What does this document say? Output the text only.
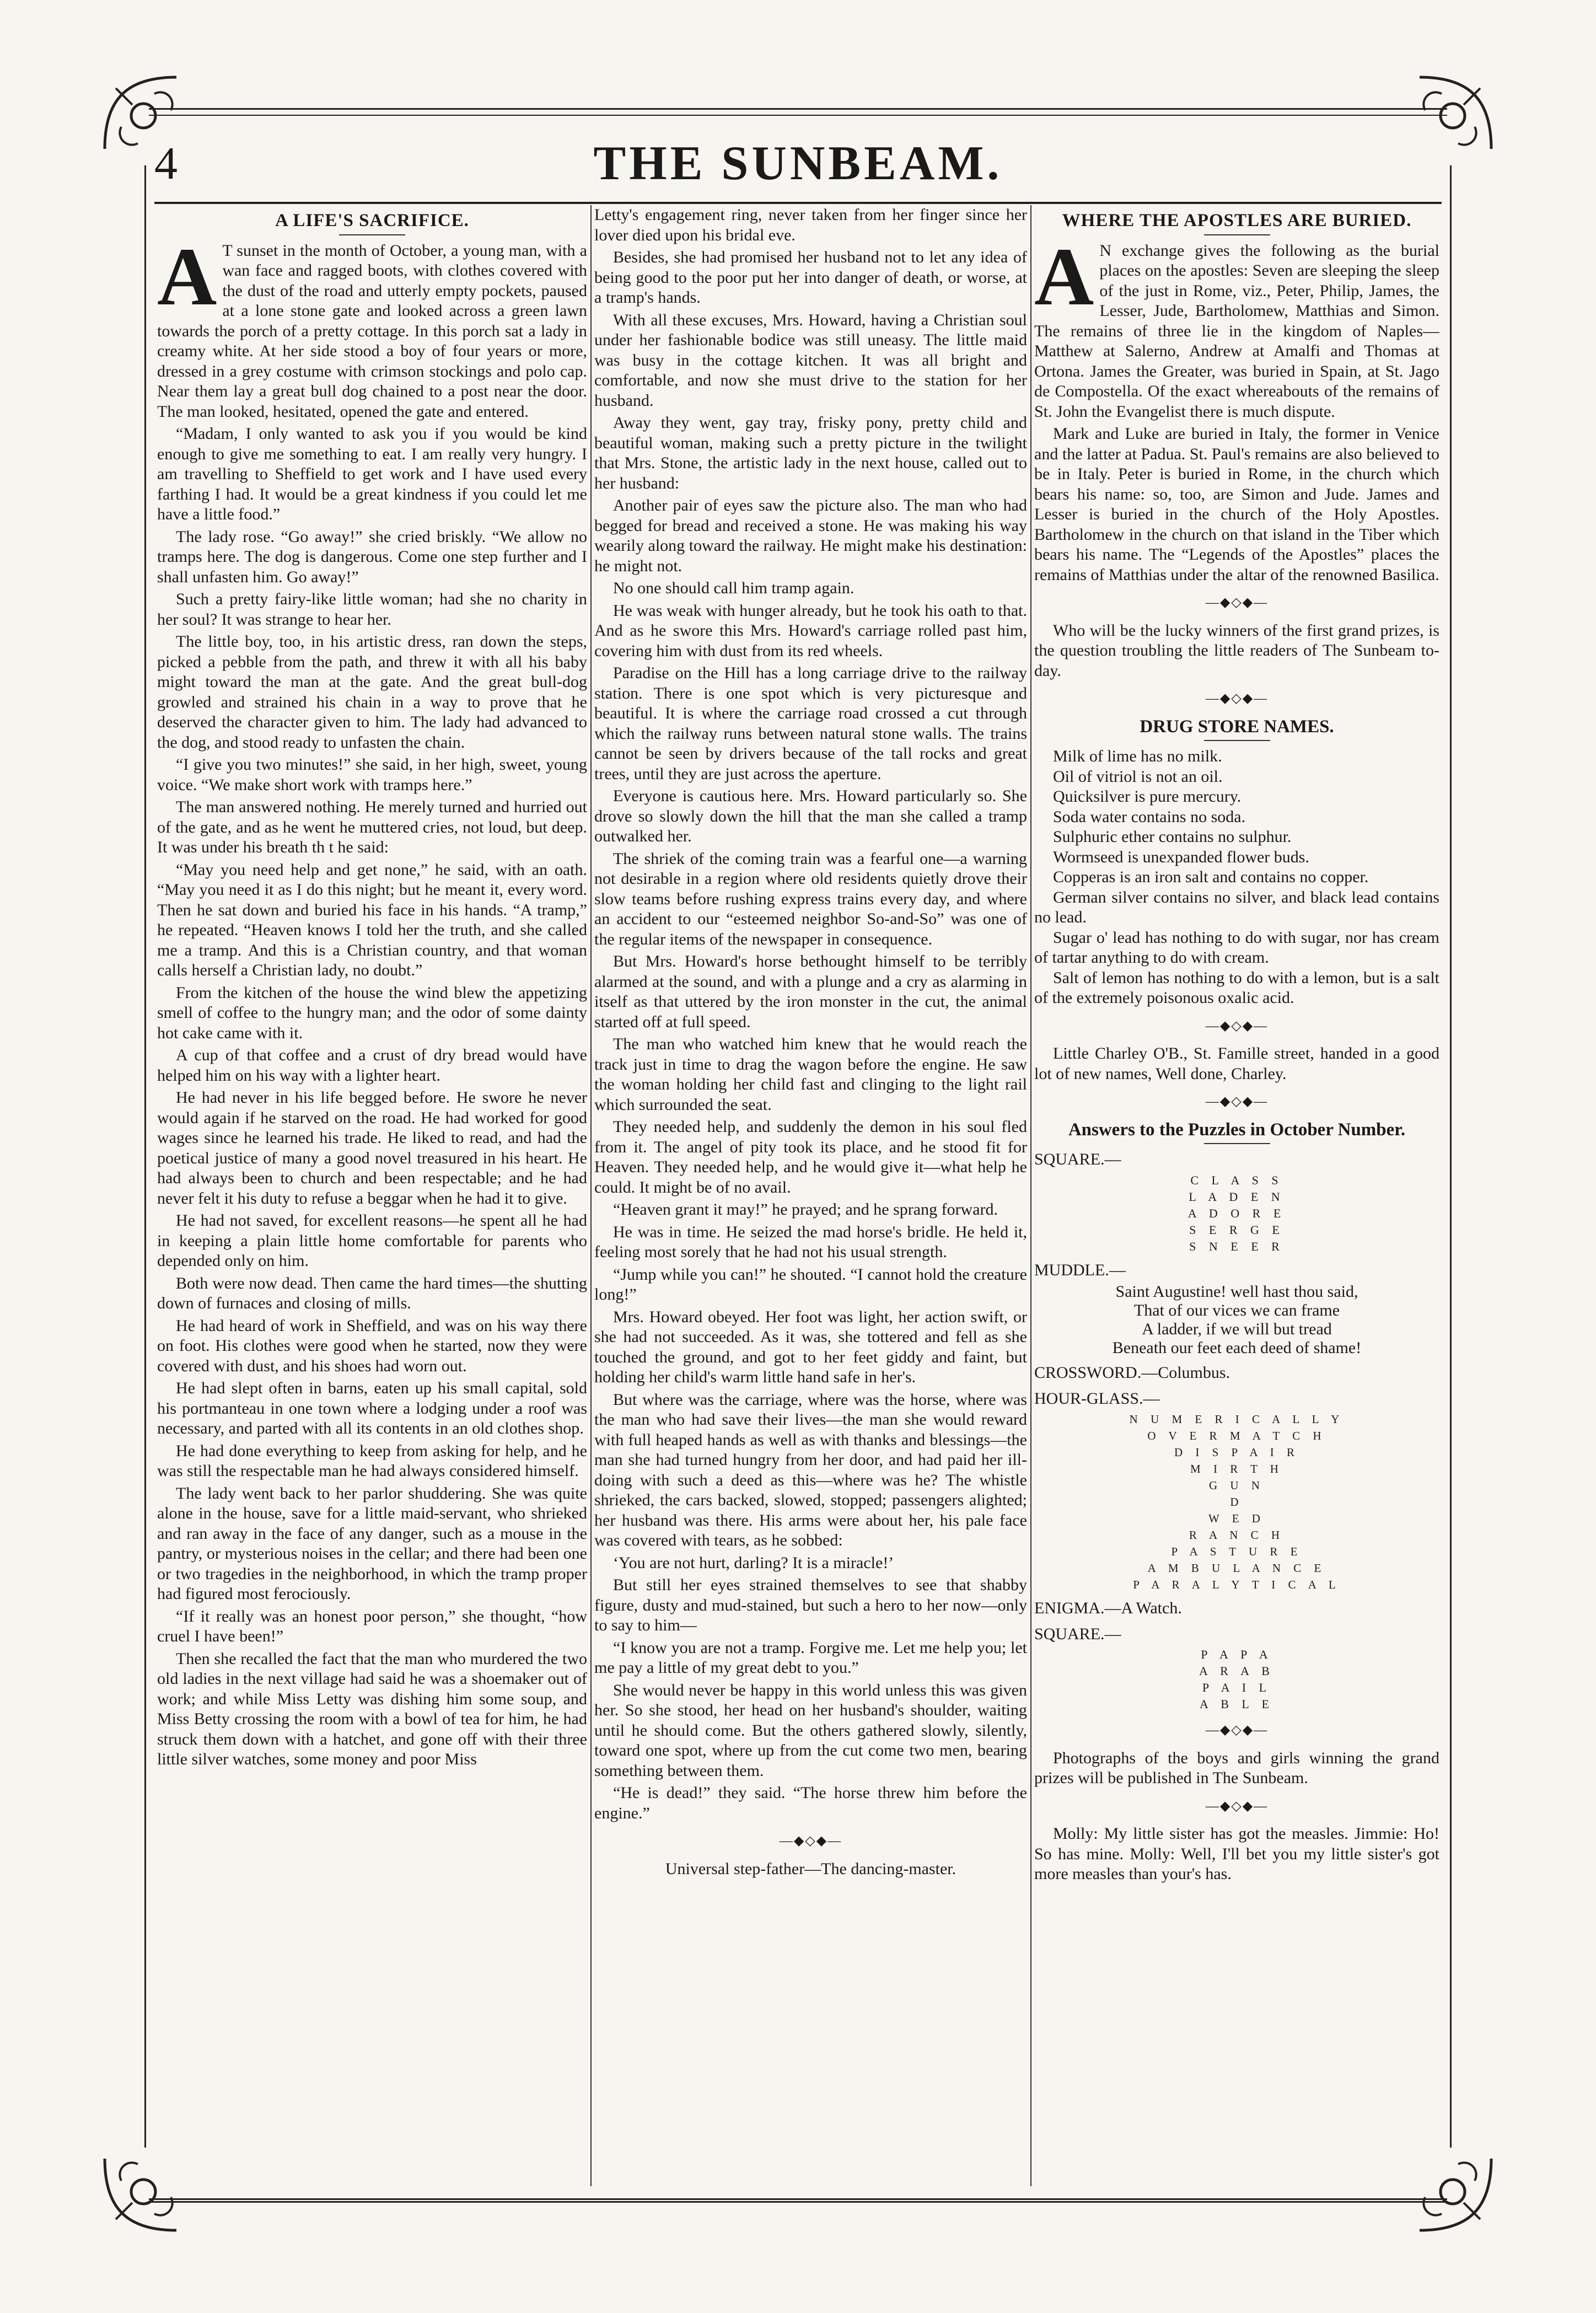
4	THE SUNBEAM.
A LIFE'S SACRIFICE.

A T sunset in the month of October, a young man, with a wan face and ragged boots, with clothes covered with the dust of the road and utterly empty pockets, paused at a lone stone gate and looked across a green lawn towards the porch of a pretty cottage. In this porch sat a lady in creamy white. At her side stood a boy of four years or more, dressed in a grey costume with crimson stockings and polo cap. Near them lay a great bull dog chained to a post near the door. The man looked, hesitated, opened the gate and entered.

“Madam, I only wanted to ask you if you would be kind enough to give me something to eat. I am really very hungry. I am travelling to Sheffield to get work and I have used every farthing I had. It would be a great kindness if you could let me have a little food.”

The lady rose. “Go away!” she cried briskly. “We allow no tramps here. The dog is dangerous. Come one step further and I shall unfasten him. Go away!”

Such a pretty fairy-like little woman; had she no charity in her soul? It was strange to hear her.

The little boy, too, in his artistic dress, ran down the steps, picked a pebble from the path, and threw it with all his baby might toward the man at the gate. And the great bull-dog growled and strained his chain in a way to prove that he deserved the character given to him. The lady had advanced to the dog, and stood ready to unfasten the chain.

“I give you two minutes!” she said, in her high, sweet, young voice. “We make short work with tramps here.”

The man answered nothing. He merely turned and hurried out of the gate, and as he went he muttered cries, not loud, but deep. It was under his breath th t he said:

“May you need help and get none,” he said, with an oath. “May you need it as I do this night; but he meant it, every word. Then he sat down and buried his face in his hands. “A tramp,” he repeated. “Heaven knows I told her the truth, and she called me a tramp. And this is a Christian country, and that woman calls herself a Christian lady, no doubt.”

From the kitchen of the house the wind blew the appetizing smell of coffee to the hungry man; and the odor of some dainty hot cake came with it.

A cup of that coffee and a crust of dry bread would have helped him on his way with a lighter heart.

He had never in his life begged before. He swore he never would again if he starved on the road. He had worked for good wages since he learned his trade. He liked to read, and had the poetical justice of many a good novel treasured in his heart. He had always been to church and been respectable; and he had never felt it his duty to refuse a beggar when he had it to give.

He had not saved, for excellent reasons—he spent all he had in keeping a plain little home comfortable for parents who depended only on him.

Both were now dead. Then came the hard times—the shutting down of furnaces and closing of mills.

He had heard of work in Sheffield, and was on his way there on foot. His clothes were good when he started, now they were covered with dust, and his shoes had worn out.

He had slept often in barns, eaten up his small capital, sold his portmanteau in one town where a lodging under a roof was necessary, and parted with all its contents in an old clothes shop.

He had done everything to keep from asking for help, and he was still the respectable man he had always considered himself.

The lady went back to her parlor shuddering. She was quite alone in the house, save for a little maid-servant, who shrieked and ran away in the face of any danger, such as a mouse in the pantry, or mysterious noises in the cellar; and there had been one or two tragedies in the neighborhood, in which the tramp proper had figured most ferociously.

“If it really was an honest poor person,” she thought, “how cruel I have been!”

Then she recalled the fact that the man who murdered the two old ladies in the next village had said he was a shoemaker out of work; and while Miss Letty was dishing him some soup, and Miss Betty crossing the room with a bowl of tea for him, he had struck them down with a hatchet, and gone off with their three little silver watches, some money and poor Miss

Letty's engagement ring, never taken from her finger since her lover died upon his bridal eve.

Besides, she had promised her husband not to let any idea of being good to the poor put her into danger of death, or worse, at a tramp's hands.

With all these excuses, Mrs. Howard, having a Christian soul under her fashionable bodice was still uneasy. The little maid was busy in the cottage kitchen. It was all bright and comfortable, and now she must drive to the station for her husband.

Away they went, gay tray, frisky pony, pretty child and beautiful woman, making such a pretty picture in the twilight that Mrs. Stone, the artistic lady in the next house, called out to her husband:

Another pair of eyes saw the picture also. The man who had begged for bread and received a stone. He was making his way wearily along toward the railway. He might make his destination: he might not.

No one should call him tramp again.

He was weak with hunger already, but he took his oath to that. And as he swore this Mrs. Howard's carriage rolled past him, covering him with dust from its red wheels.

Paradise on the Hill has a long carriage drive to the railway station. There is one spot which is very picturesque and beautiful. It is where the carriage road crossed a cut through which the railway runs between natural stone walls. The trains cannot be seen by drivers because of the tall rocks and great trees, until they are just across the aperture.

Everyone is cautious here. Mrs. Howard particularly so. She drove so slowly down the hill that the man she called a tramp outwalked her.

The shriek of the coming train was a fearful one—a warning not desirable in a region where old residents quietly drove their slow teams before rushing express trains every day, and where an accident to our “esteemed neighbor So-and-So” was one of the regular items of the newspaper in consequence.

But Mrs. Howard's horse bethought himself to be terribly alarmed at the sound, and with a plunge and a cry as alarming in itself as that uttered by the iron monster in the cut, the animal started off at full speed.

The man who watched him knew that he would reach the track just in time to drag the wagon before the engine. He saw the woman holding her child fast and clinging to the light rail which surrounded the seat.

They needed help, and suddenly the demon in his soul fled from it. The angel of pity took its place, and he stood fit for Heaven. They needed help, and he would give it—what help he could. It might be of no avail.

“Heaven grant it may!” he prayed; and he sprang forward.

He was in time. He seized the mad horse's bridle. He held it, feeling most sorely that he had not his usual strength.

“Jump while you can!” he shouted. “I cannot hold the creature long!”

Mrs. Howard obeyed. Her foot was light, her action swift, or she had not succeeded. As it was, she tottered and fell as she touched the ground, and got to her feet giddy and faint, but holding her child's warm little hand safe in her's.

But where was the carriage, where was the horse, where was the man who had save their lives—the man she would reward with full heaped hands as well as with thanks and blessings—the man she had turned hungry from her door, and had paid her ill-doing with such a deed as this—where was he? The whistle shrieked, the cars backed, slowed, stopped; passengers alighted; her husband was there. His arms were about her, his pale face was covered with tears, as he sobbed:

‘You are not hurt, darling? It is a miracle!’

But still her eyes strained themselves to see that shabby figure, dusty and mud-stained, but such a hero to her now—only to say to him—

“I know you are not a tramp. Forgive me. Let me help you; let me pay a little of my great debt to you.”

She would never be happy in this world unless this was given her. So she stood, her head on her husband's shoulder, waiting until he should come. But the others gathered slowly, silently, toward one spot, where up from the cut come two men, bearing something between them.

“He is dead!” they said. “The horse threw him before the engine.”

—◆◇◆—

Universal step-father—The dancing-master.

WHERE THE APOSTLES ARE BURIED.

A N exchange gives the following as the burial places on the apostles: Seven are sleeping the sleep of the just in Rome, viz., Peter, Philip, James, the Lesser, Jude, Bartholomew, Matthias and Simon. The remains of three lie in the kingdom of Naples—Matthew at Salerno, Andrew at Amalfi and Thomas at Ortona. James the Greater, was buried in Spain, at St. Jago de Compostella. Of the exact whereabouts of the remains of St. John the Evangelist there is much dispute.

Mark and Luke are buried in Italy, the former in Venice and the latter at Padua. St. Paul's remains are also believed to be in Italy. Peter is buried in Rome, in the church which bears his name: so, too, are Simon and Jude. James and Lesser is buried in the church of the Holy Apostles. Bartholomew in the church on that island in the Tiber which bears his name. The “Legends of the Apostles” places the remains of Matthias under the altar of the renowned Basilica.

—◆◇◆—

Who will be the lucky winners of the first grand prizes, is the question troubling the little readers of The Sunbeam to-day.

—◆◇◆—
DRUG STORE NAMES.

Milk of lime has no milk.

Oil of vitriol is not an oil.

Quicksilver is pure mercury.

Soda water contains no soda.

Sulphuric ether contains no sulphur.

Wormseed is unexpanded flower buds.

Copperas is an iron salt and contains no copper.

German silver contains no silver, and black lead contains no lead.

Sugar o' lead has nothing to do with sugar, nor has cream of tartar anything to do with cream.

Salt of lemon has nothing to do with a lemon, but is a salt of the extremely poisonous oxalic acid.

—◆◇◆—

Little Charley O'B., St. Famille street, handed in a good lot of new names, Well done, Charley.

—◆◇◆—
Answers to the Puzzles in October Number.

SQUARE.—

C L A S S
L A D E N
A D O R E
S E R G E
S N E E R

MUDDLE.—

Saint Augustine! well hast thou said,
That of our vices we can frame
A ladder, if we will but tread
Beneath our feet each deed of shame!

CROSSWORD.—Columbus.

HOUR-GLASS.—

N U M E R I C A L L Y
O V E R M A T C H
D I S P A I R
M I R T H
G U N
D
W E D
R A N C H
P A S T U R E
A M B U L A N C E
P A R A L Y T I C A L

ENIGMA.—A Watch.

SQUARE.—

P A P A
A R A B
P A I L
A B L E
—◆◇◆—

Photographs of the boys and girls winning the grand prizes will be published in The Sunbeam.

—◆◇◆—

Molly: My little sister has got the measles. Jimmie: Ho! So has mine. Molly: Well, I'll bet you my little sister's got more measles than your's has.
